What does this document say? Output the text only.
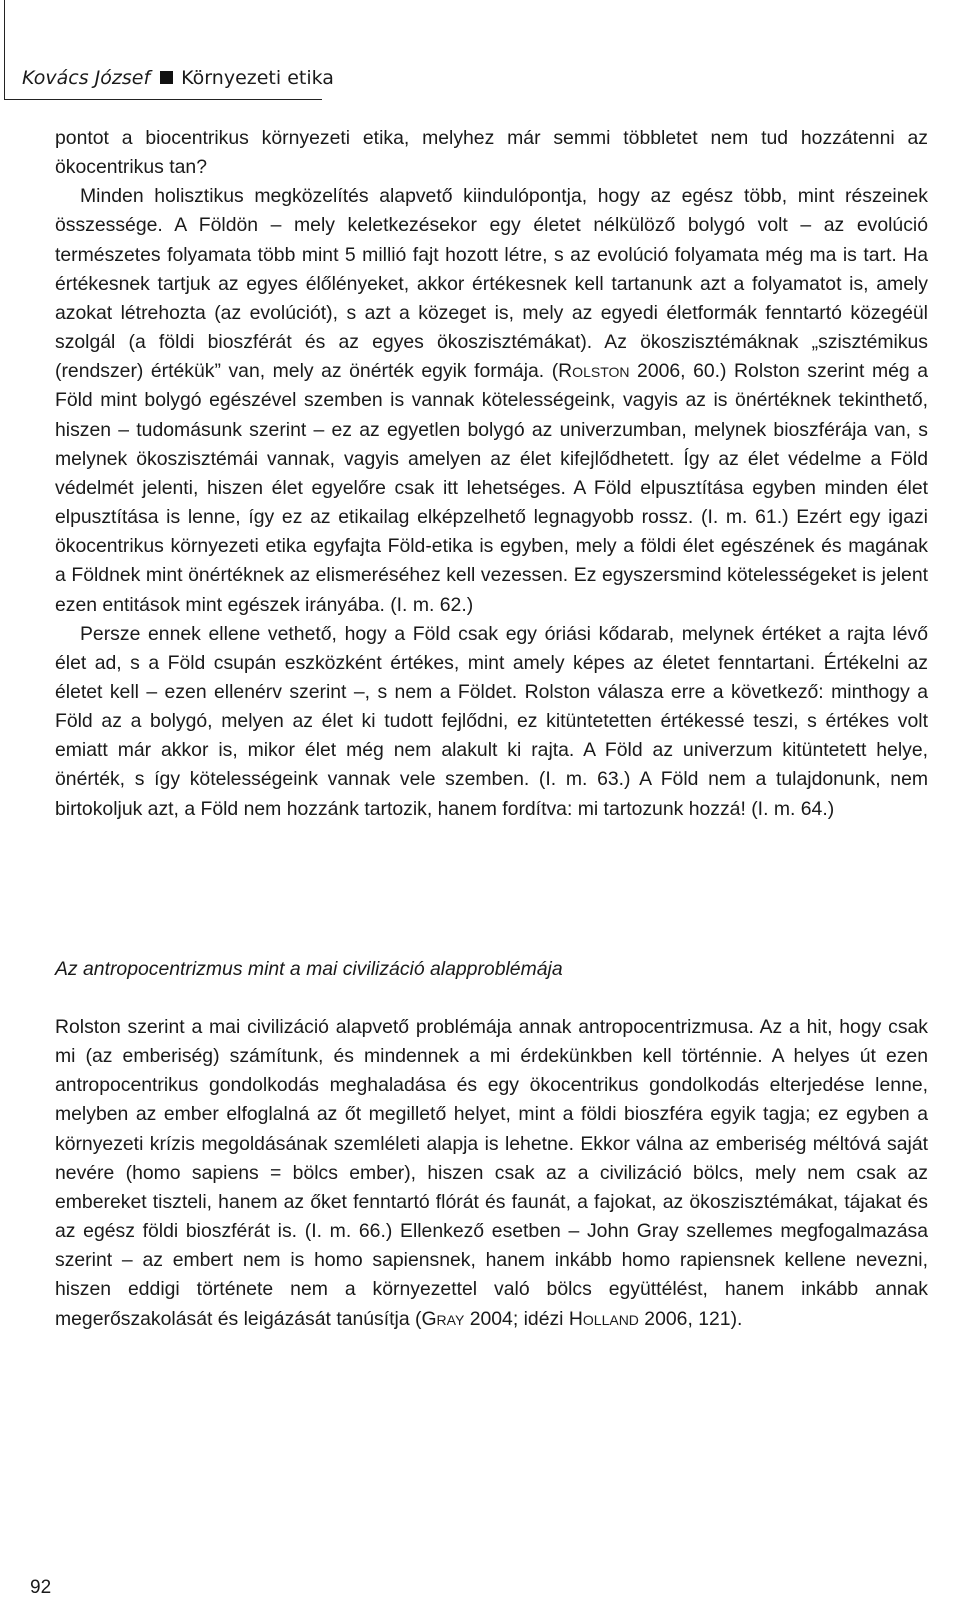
Kovács József Környezeti etika

pontot a biocentrikus környezeti etika, melyhez már semmi többletet nem tud hozzátenni az ökocentrikus tan?

Minden holisztikus megközelítés alapvető kiindulópontja, hogy az egész több, mint részeinek összessége. A Földön – mely keletkezésekor egy életet nélkülöző bolygó volt – az evolúció természetes folyamata több mint 5 millió fajt hozott létre, s az evolúció folyamata még ma is tart. Ha értékesnek tartjuk az egyes élőlényeket, akkor értékesnek kell tartanunk azt a folyamatot is, amely azokat létrehozta (az evolúciót), s azt a közeget is, mely az egyedi életformák fenntartó közegéül szolgál (a földi bioszférát és az egyes ökoszisztémákat). Az ökoszisztémáknak „szisztémikus (rendszer) értékük” van, mely az önérték egyik formája. (Rolston 2006, 60.) Rolston szerint még a Föld mint bolygó egészével szemben is vannak kötelességeink, vagyis az is önértéknek tekinthető, hiszen – tudomásunk szerint – ez az egyetlen bolygó az univerzumban, melynek bioszférája van, s melynek ökoszisztémái vannak, vagyis amelyen az élet kifejlődhetett. Így az élet védelme a Föld védelmét jelenti, hiszen élet egyelőre csak itt lehetséges. A Föld elpusztítása egyben minden élet elpusztítása is lenne, így ez az etikailag elképzelhető legnagyobb rossz. (I. m. 61.) Ezért egy igazi ökocentrikus környezeti etika egyfajta Föld-etika is egyben, mely a földi élet egészének és magának a Földnek mint önértéknek az elismeréséhez kell vezessen. Ez egyszersmind kötelességeket is jelent ezen entitások mint egészek irányába. (I. m. 62.)

Persze ennek ellene vethető, hogy a Föld csak egy óriási kődarab, melynek értéket a rajta lévő élet ad, s a Föld csupán eszközként értékes, mint amely képes az életet fenntartani. Értékelni az életet kell – ezen ellenérv szerint –, s nem a Földet. Rolston válasza erre a következő: minthogy a Föld az a bolygó, melyen az élet ki tudott fejlődni, ez kitüntetetten értékessé teszi, s értékes volt emiatt már akkor is, mikor élet még nem alakult ki rajta. A Föld az univerzum kitüntetett helye, önérték, s így kötelességeink vannak vele szemben. (I. m. 63.) A Föld nem a tulajdonunk, nem birtokoljuk azt, a Föld nem hozzánk tartozik, hanem fordítva: mi tartozunk hozzá! (I. m. 64.)

Az antropocentrizmus mint a mai civilizáció alapproblémája

Rolston szerint a mai civilizáció alapvető problémája annak antropocentrizmusa. Az a hit, hogy csak mi (az emberiség) számítunk, és mindennek a mi érdekünkben kell történnie. A helyes út ezen antropocentrikus gondolkodás meghaladása és egy ökocentrikus gondolkodás elterjedése lenne, melyben az ember elfoglalná az őt megillető helyet, mint a földi bioszféra egyik tagja; ez egyben a környezeti krízis megoldásának szemléleti alapja is lehetne. Ekkor válna az emberiség méltóvá saját nevére (homo sapiens = bölcs ember), hiszen csak az a civilizáció bölcs, mely nem csak az embereket tiszteli, hanem az őket fenntartó flórát és faunát, a fajokat, az ökoszisztémákat, tájakat és az egész földi bioszférát is. (I. m. 66.) Ellenkező esetben – John Gray szellemes megfogalmazása szerint – az embert nem is homo sapiensnek, hanem inkább homo rapiensnek kellene nevezni, hiszen eddigi története nem a környezettel való bölcs együttélést, hanem inkább annak megerőszakolását és leigázását tanúsítja (Gray 2004; idézi Holland 2006, 121).

92
